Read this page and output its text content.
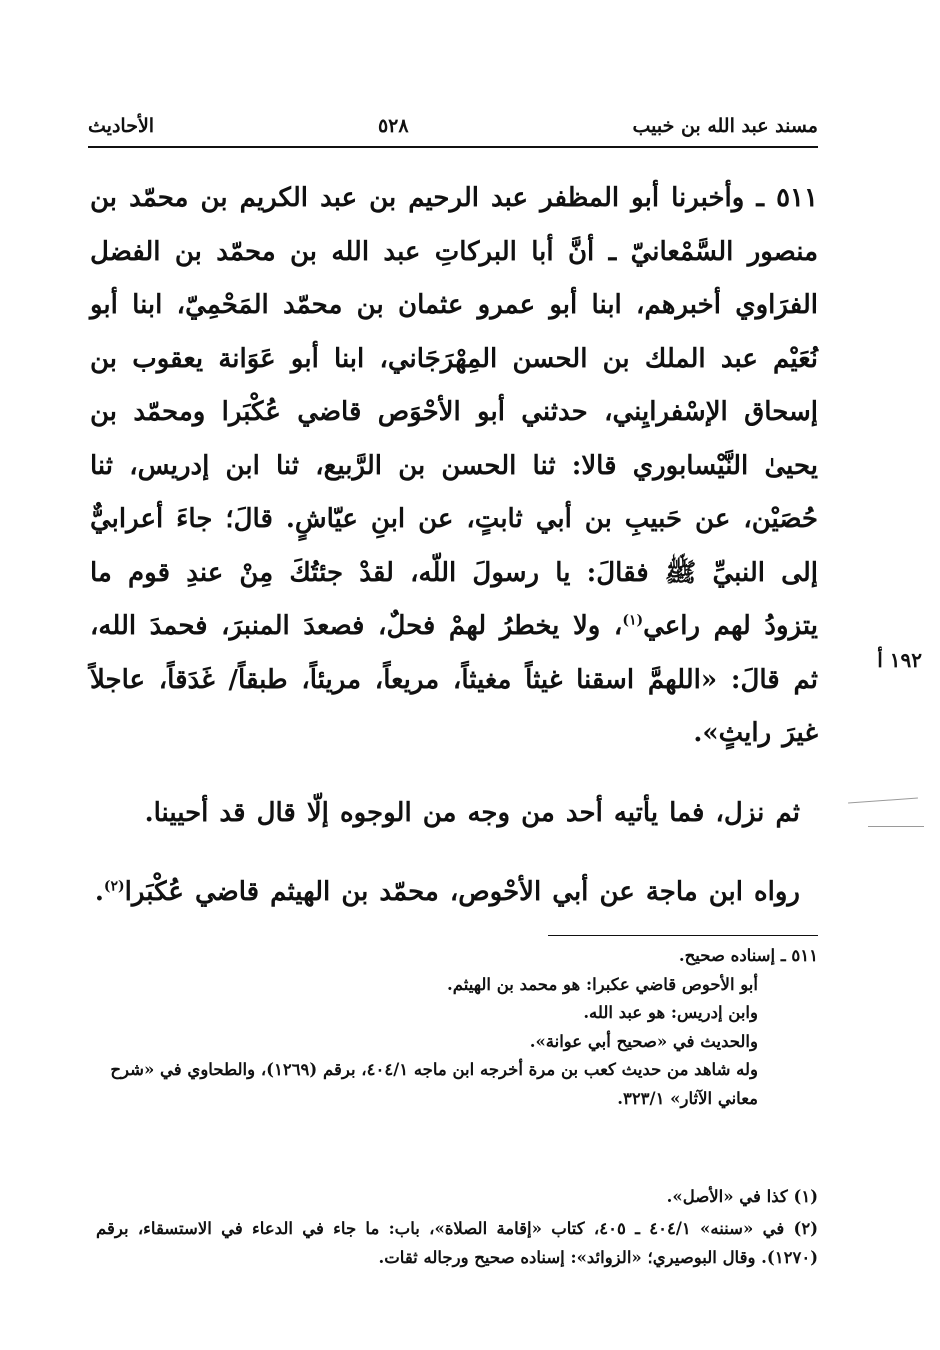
مسند عبد الله بن خبيب
٥٢٨
الأحاديث

٥١١ ـ وأخبرنا أبو المظفر عبد الرحيم بن عبد الكريم بن محمّد بن منصور السَّمْعانيّ ـ أنَّ أبا البركاتِ عبد الله بن محمّد بن الفضل الفرَاوي أخبرهم، ابنا أبو عمرو عثمان بن محمّد المَحْمِيّ، ابنا أبو نُعَيْم عبد الملك بن الحسن المِهْرَجَاني، ابنا أبو عَوَانة يعقوب بن إسحاق الإسْفرايِني، حدثني أبو الأحْوَص قاضي عُكْبَرا ومحمّد بن يحيىٰ النَّيْسابوري قالا: ثنا الحسن بن الرَّبيع، ثنا ابن إدريس، ثنا حُصَيْن، عن حَبيبِ بن أبي ثابتٍ، عن ابنِ عيّاشٍ. قالَ؛ جاءَ أعرابيٌّ إلى النبيِّ ﷺ فقالَ: يا رسولَ اللّه، لقدْ جئتُكَ مِنْ عندِ قوم ما يتزودُ لهم راعي$^{(١)}$، ولا يخطرُ لهمْ فحلٌ، فصعدَ المنبرَ، فحمدَ الله، ثم قالَ: «اللهمَّ اسقنا غيثاً مغيثاً، مريعاً، مريئاً، طبقاً/ غَدَقاً، عاجلاً غيرَ رايثٍ».

ثم نزل، فما يأتيه أحد من وجه من الوجوه إلّا قال قد أحيينا.

رواه ابن ماجة عن أبي الأحْوص، محمّد بن الهيثم قاضي عُكْبَرا$^{(٢)}$.

١٩٢ أ

٥١١ ـ إسناده صحيح.

أبو الأحوص قاضي عكبرا: هو محمد بن الهيثم.

وابن إدريس: هو عبد الله.

والحديث في «صحيح أبي عوانة».

وله شاهد من حديث كعب بن مرة أخرجه ابن ماجه ٤٠٤/١، برقم (١٢٦٩)، والطحاوي في «شرح معاني الآثار» ٣٢٣/١.

(١) كذا في «الأصل».

(٢) في «سننه» ٤٠٤/١ ـ ٤٠٥، كتاب «إقامة الصلاة»، باب: ما جاء في الدعاء في الاستسقاء، برقم (١٢٧٠). وقال البوصيري؛ «الزوائد»: إسناده صحيح ورجاله ثقات.
